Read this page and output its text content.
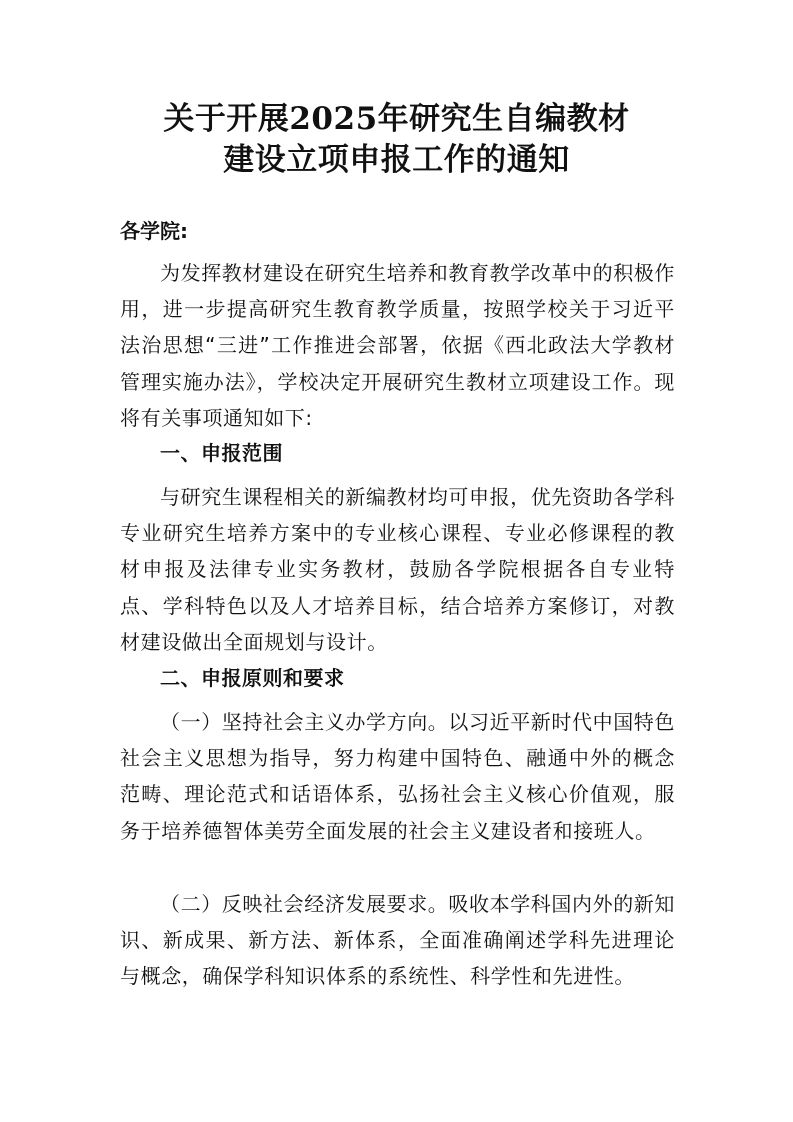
关于开展2025年研究生自编教材
建设立项申报工作的通知
各学院:

为发挥教材建设在研究生培养和教育教学改革中的积极作用，进一步提高研究生教育教学质量，按照学校关于习近平法治思想“三进”工作推进会部署，依据《西北政法大学教材管理实施办法》，学校决定开展研究生教材立项建设工作。现将有关事项通知如下:

一、申报范围

与研究生课程相关的新编教材均可申报，优先资助各学科专业研究生培养方案中的专业核心课程、专业必修课程的教材申报及法律专业实务教材，鼓励各学院根据各自专业特点、学科特色以及人才培养目标，结合培养方案修订，对教材建设做出全面规划与设计。

二、申报原则和要求

（一）坚持社会主义办学方向。以习近平新时代中国特色社会主义思想为指导，努力构建中国特色、融通中外的概念范畴、理论范式和话语体系，弘扬社会主义核心价值观，服务于培养德智体美劳全面发展的社会主义建设者和接班人。

（二）反映社会经济发展要求。吸收本学科国内外的新知识、新成果、新方法、新体系，全面准确阐述学科先进理论与概念，确保学科知识体系的系统性、科学性和先进性。
